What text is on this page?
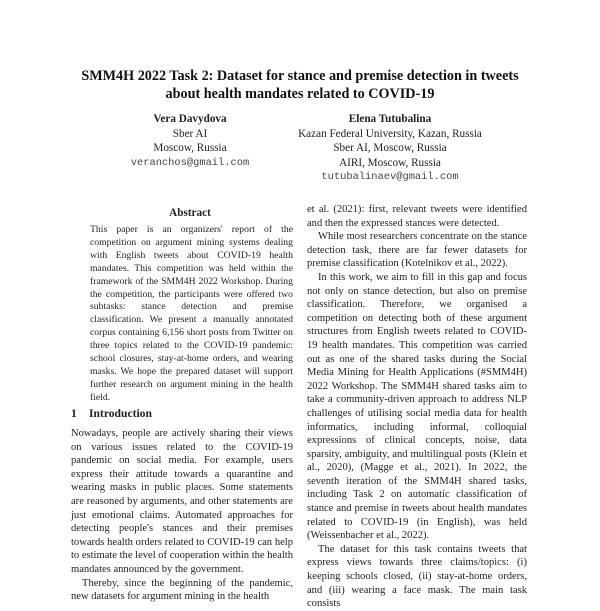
SMM4H 2022 Task 2: Dataset for stance and premise detection in tweets
about health mandates related to COVID-19
Vera Davydova
Sber AI
Moscow, Russia
veranchos@gmail.com
Elena Tutubalina
Kazan Federal University, Kazan, Russia
Sber AI, Moscow, Russia
AIRI, Moscow, Russia
tutubalinaev@gmail.com
Abstract
This paper is an organizers' report of the competition on argument mining systems dealing with English tweets about COVID-19 health mandates. This competition was held within the framework of the SMM4H 2022 Workshop. During the competition, the participants were offered two subtasks: stance detection and premise classification. We present a manually annotated corpus containing 6,156 short posts from Twitter on three topics related to the COVID-19 pandemic: school closures, stay-at-home orders, and wearing masks. We hope the prepared dataset will support further research on argument mining in the health field.
1 Introduction

Nowadays, people are actively sharing their views on various issues related to the COVID-19 pandemic on social media. For example, users express their attitude towards a quarantine and wearing masks in public places. Some statements are reasoned by arguments, and other statements are just emotional claims. Automated approaches for detecting people's stances and their premises towards health orders related to COVID-19 can help to estimate the level of cooperation within the health mandates announced by the government.

Thereby, since the beginning of the pandemic, new datasets for argument mining in the health

et al. (2021): first, relevant tweets were identified and then the expressed stances were detected.

While most researchers concentrate on the stance detection task, there are far fewer datasets for premise classification (Kotelnikov et al., 2022).

In this work, we aim to fill in this gap and focus not only on stance detection, but also on premise classification. Therefore, we organised a competition on detecting both of these argument structures from English tweets related to COVID-19 health mandates. This competition was carried out as one of the shared tasks during the Social Media Mining for Health Applications (#SMM4H) 2022 Workshop. The SMM4H shared tasks aim to take a community-driven approach to address NLP challenges of utilising social media data for health informatics, including informal, colloquial expressions of clinical concepts, noise, data sparsity, ambiguity, and multilingual posts (Klein et al., 2020), (Magge et al., 2021). In 2022, the seventh iteration of the SMM4H shared tasks, including Task 2 on automatic classification of stance and premise in tweets about health mandates related to COVID-19 (in English), was held (Weissenbacher et al., 2022).

The dataset for this task contains tweets that express views towards three claims/topics: (i) keeping schools closed, (ii) stay-at-home orders, and (iii) wearing a face mask. The main task consists
